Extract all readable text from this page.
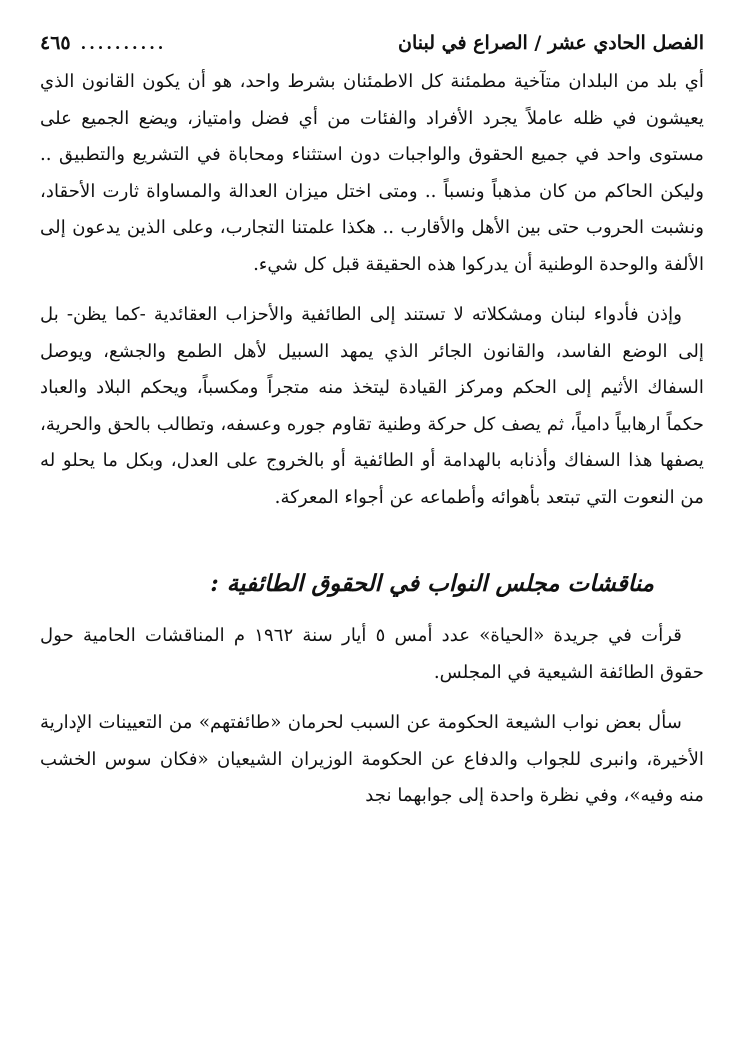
الفصل الحادي عشر / الصراع في لبنان
..........
٤٦٥

أي بلد من البلدان متآخية مطمئنة كل الاطمئنان بشرط واحد، هو أن يكون القانون الذي يعيشون في ظله عاملاً يجرد الأفراد والفئات من أي فضل وامتياز، ويضع الجميع على مستوى واحد في جميع الحقوق والواجبات دون استثناء ومحاباة في التشريع والتطبيق .. وليكن الحاكم من كان مذهباً ونسباً .. ومتى اختل ميزان العدالة والمساواة ثارت الأحقاد، ونشبت الحروب حتى بين الأهل والأقارب .. هكذا علمتنا التجارب، وعلى الذين يدعون إلى الألفة والوحدة الوطنية أن يدركوا هذه الحقيقة قبل كل شيء.

وإذن فأدواء لبنان ومشكلاته لا تستند إلى الطائفية والأحزاب العقائدية -كما يظن- بل إلى الوضع الفاسد، والقانون الجائر الذي يمهد السبيل لأهل الطمع والجشع، ويوصل السفاك الأثيم إلى الحكم ومركز القيادة ليتخذ منه متجراً ومكسباً، ويحكم البلاد والعباد حكماً ارهابياً دامياً، ثم يصف كل حركة وطنية تقاوم جوره وعسفه، وتطالب بالحق والحرية، يصفها هذا السفاك وأذنابه بالهدامة أو الطائفية أو بالخروج على العدل، وبكل ما يحلو له من النعوت التي تبتعد بأهوائه وأطماعه عن أجواء المعركة.

مناقشات مجلس النواب في الحقوق الطائفية :

قرأت في جريدة «الحياة» عدد أمس ٥ أيار سنة ١٩٦٢ م المناقشات الحامية حول حقوق الطائفة الشيعية في المجلس.

سأل بعض نواب الشيعة الحكومة عن السبب لحرمان «طائفتهم» من التعيينات الإدارية الأخيرة، وانبرى للجواب والدفاع عن الحكومة الوزيران الشيعيان «فكان سوس الخشب منه وفيه»، وفي نظرة واحدة إلى جوابهما نجد
